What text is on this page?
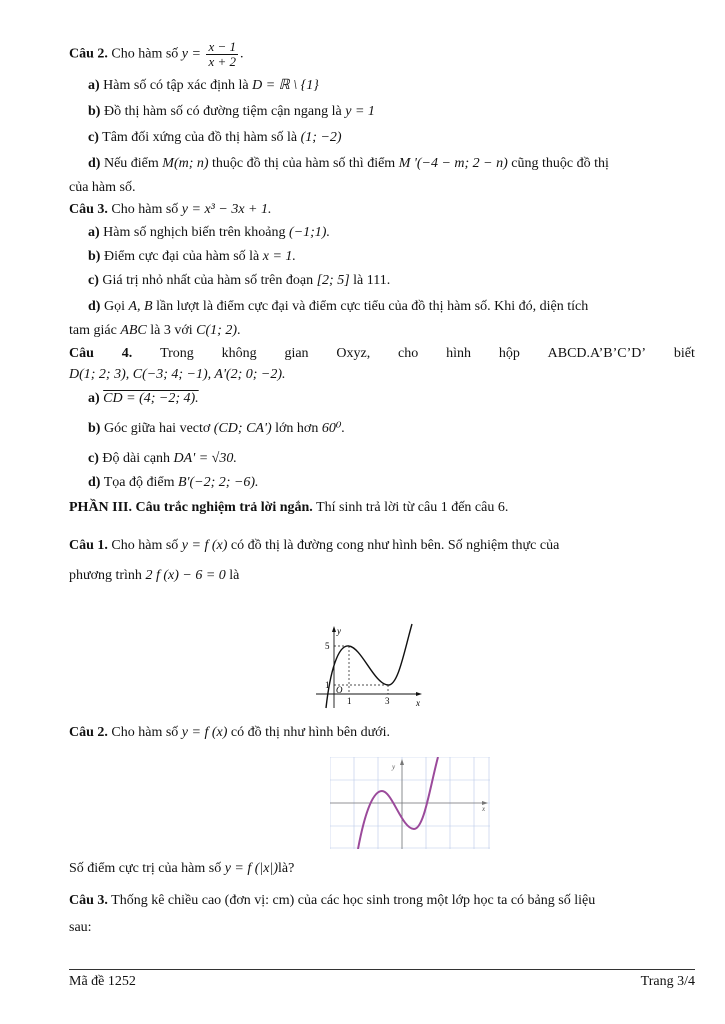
Câu 2. Cho hàm số $y = \frac{x - 1}{x + 2}$ .
a) Hàm số có tập xác định là D = ℝ \ {1}
b) Đồ thị hàm số có đường tiệm cận ngang là y = 1
c) Tâm đối xứng của đồ thị hàm số là (1; −2)
d) Nếu điểm M(m; n) thuộc đồ thị của hàm số thì điểm M '(−4 − m; 2 − n) cũng thuộc đồ thị
của hàm số.
Câu 3. Cho hàm số y = x³ − 3x + 1.
a) Hàm số nghịch biến trên khoảng (−1;1).
b) Điểm cực đại của hàm số là x = 1.
c) Giá trị nhỏ nhất của hàm số trên đoạn [2; 5] là 111.
d) Gọi A, B lần lượt là điểm cực đại và điểm cực tiểu của đồ thị hàm số. Khi đó, diện tích
tam giác ABC là 3 với C(1; 2).
Câu 4. Trong không gian Oxyz, cho hình hộp ABCD.A’B’C’D’ biết
D(1; 2; 3), C(−3; 4; −1), A'(2; 0; −2).
a) CD = (4; −2; 4).
b) Góc giữa hai vectơ (CD; CA') lớn hơn 60⁰.
c) Độ dài cạnh DA' = √30.
d) Tọa độ điểm B'(−2; 2; −6).
PHẦN III. Câu trắc nghiệm trả lời ngắn. Thí sinh trả lời từ câu 1 đến câu 6.
Câu 1. Cho hàm số y = f (x) có đồ thị là đường cong như hình bên. Số nghiệm thực của
phương trình 2 f (x) − 6 = 0 là
y
x
5
1 O
1	3
Câu 2. Cho hàm số y = f (x) có đồ thị như hình bên dưới.
y
x
Số điểm cực trị của hàm số y = f (|x|)là?
Câu 3. Thống kê chiều cao (đơn vị: cm) của các học sinh trong một lớp học ta có bảng số liệu
sau:
Mã đề 1252	Trang 3/4
